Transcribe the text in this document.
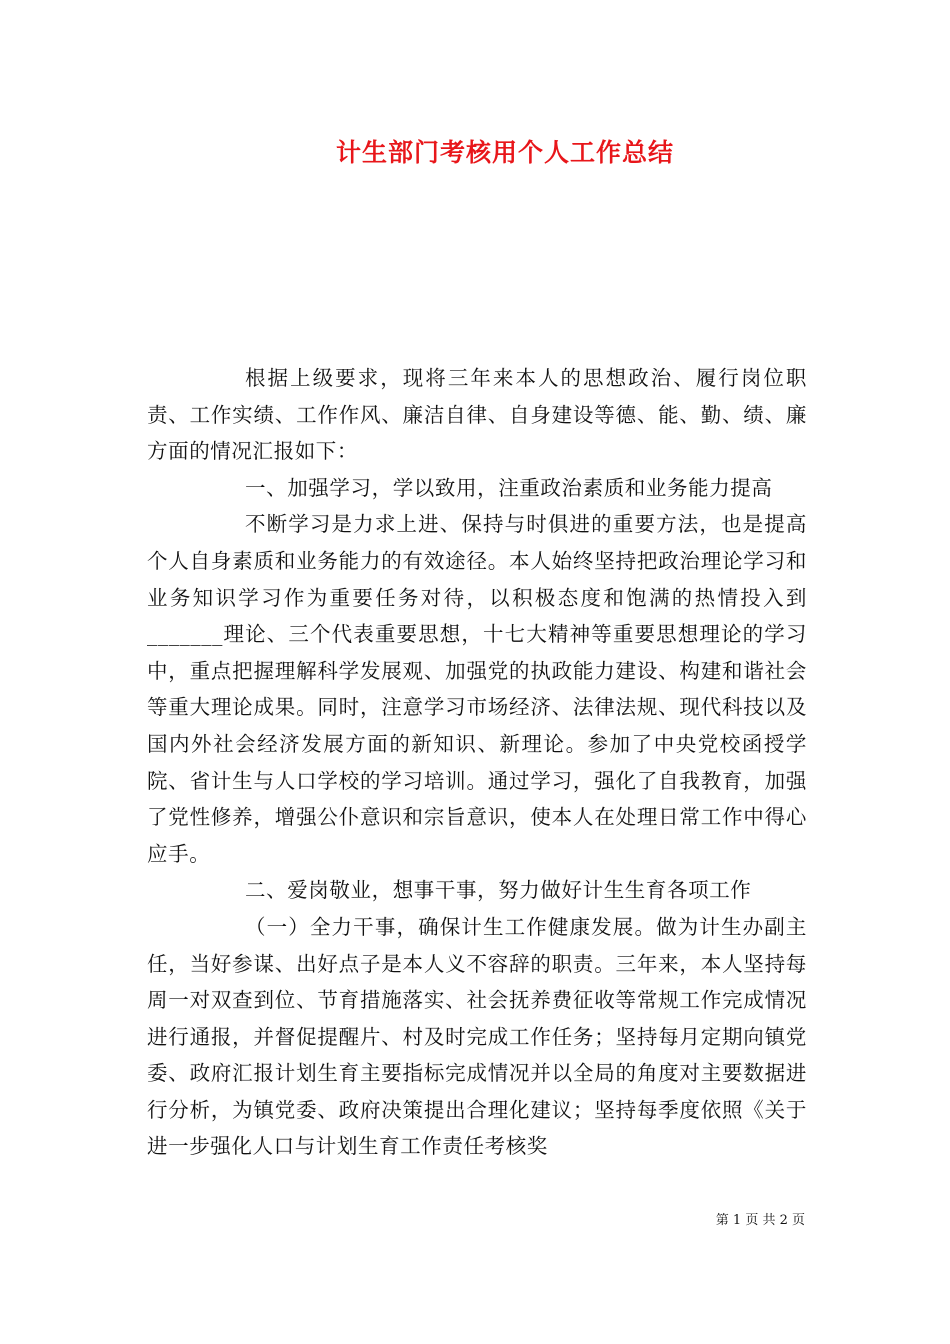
计生部门考核用个人工作总结

根据上级要求，现将三年来本人的思想政治、履行岗位职责、工作实绩、工作作风、廉洁自律、自身建设等德、能、勤、绩、廉方面的情况汇报如下：

一、加强学习，学以致用，注重政治素质和业务能力提高

不断学习是力求上进、保持与时俱进的重要方法，也是提高个人自身素质和业务能力的有效途径。本人始终坚持把政治理论学习和业务知识学习作为重要任务对待，以积极态度和饱满的热情投入到_______理论、三个代表重要思想，十七大精神等重要思想理论的学习中，重点把握理解科学发展观、加强党的执政能力建设、构建和谐社会等重大理论成果。同时，注意学习市场经济、法律法规、现代科技以及国内外社会经济发展方面的新知识、新理论。参加了中央党校函授学院、省计生与人口学校的学习培训。通过学习，强化了自我教育，加强了党性修养，增强公仆意识和宗旨意识，使本人在处理日常工作中得心应手。

二、爱岗敬业，想事干事，努力做好计生生育各项工作

（一）全力干事，确保计生工作健康发展。做为计生办副主任，当好参谋、出好点子是本人义不容辞的职责。三年来，本人坚持每周一对双查到位、节育措施落实、社会抚养费征收等常规工作完成情况进行通报，并督促提醒片、村及时完成工作任务；坚持每月定期向镇党委、政府汇报计划生育主要指标完成情况并以全局的角度对主要数据进行分析，为镇党委、政府决策提出合理化建议；坚持每季度依照《关于进一步强化人口与计划生育工作责任考核奖

第 1 页 共 2 页
